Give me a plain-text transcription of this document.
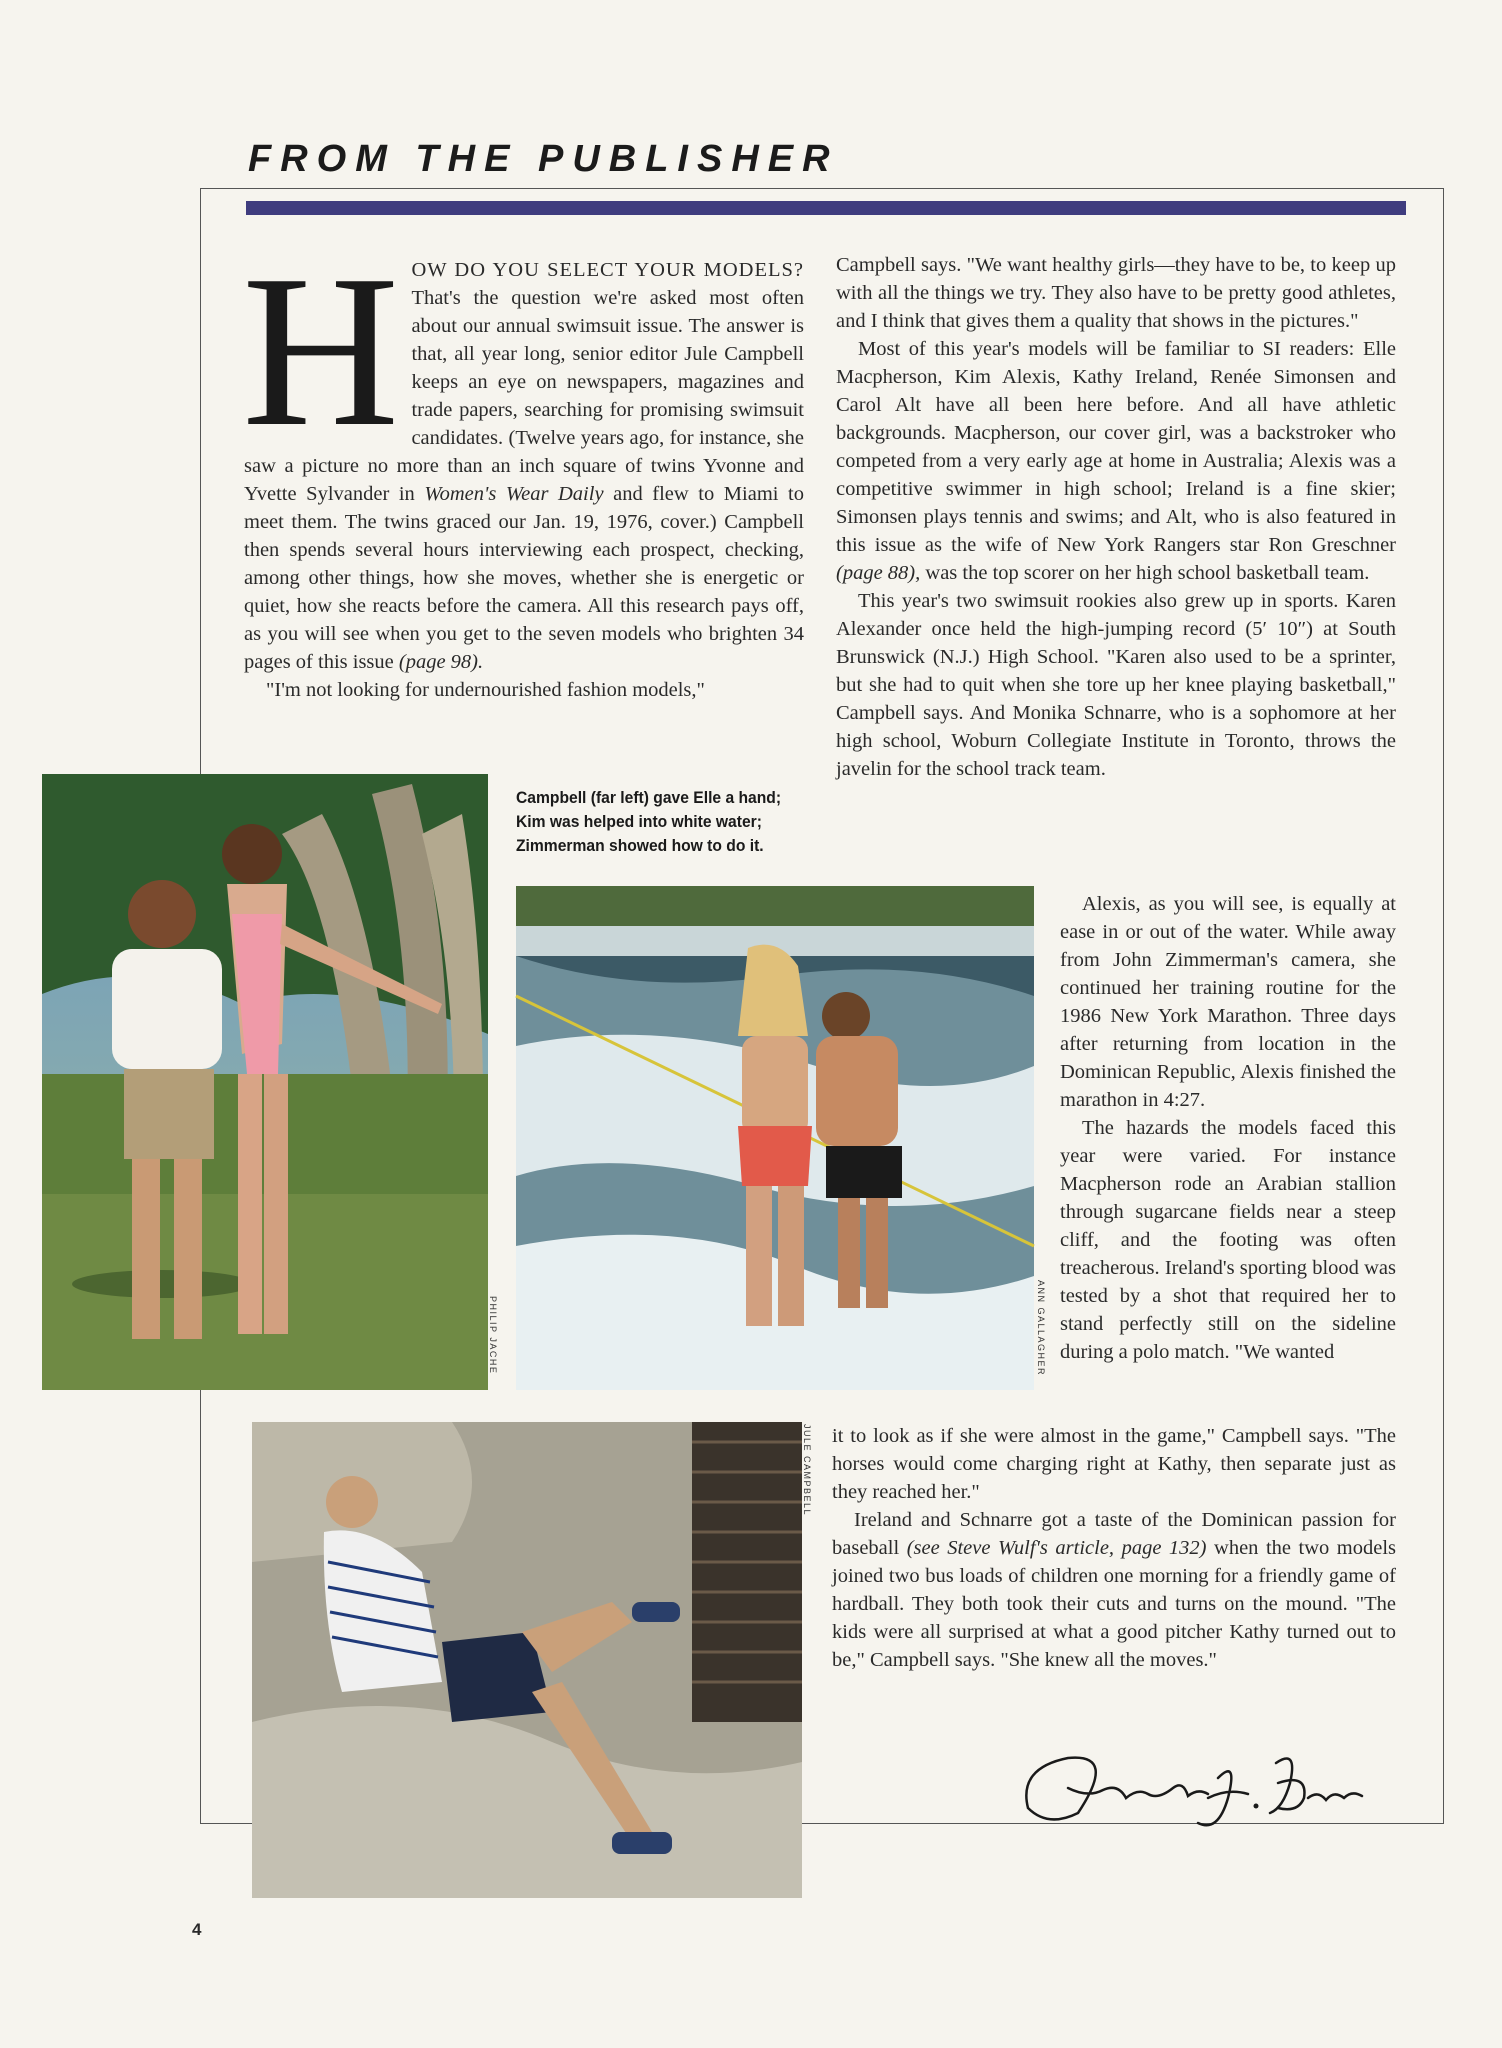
FROM THE PUBLISHER

HOW DO YOU SELECT YOUR MODELS? That's the question we're asked most often about our annual swimsuit issue. The answer is that, all year long, senior editor Jule Campbell keeps an eye on newspapers, magazines and trade papers, searching for promising swimsuit candidates. (Twelve years ago, for instance, she saw a picture no more than an inch square of twins Yvonne and Yvette Sylvander in Women's Wear Daily and flew to Miami to meet them. The twins graced our Jan. 19, 1976, cover.) Campbell then spends several hours interviewing each prospect, checking, among other things, how she moves, whether she is energetic or quiet, how she reacts before the camera. All this research pays off, as you will see when you get to the seven models who brighten 34 pages of this issue (page 98).

"I'm not looking for undernourished fashion models,"

Campbell says. "We want healthy girls—they have to be, to keep up with all the things we try. They also have to be pretty good athletes, and I think that gives them a quality that shows in the pictures."

Most of this year's models will be familiar to SI readers: Elle Macpherson, Kim Alexis, Kathy Ireland, Renée Simonsen and Carol Alt have all been here before. And all have athletic backgrounds. Macpherson, our cover girl, was a backstroker who competed from a very early age at home in Australia; Alexis was a competitive swimmer in high school; Ireland is a fine skier; Simonsen plays tennis and swims; and Alt, who is also featured in this issue as the wife of New York Rangers star Ron Greschner (page 88), was the top scorer on her high school basketball team.

This year's two swimsuit rookies also grew up in sports. Karen Alexander once held the high-jumping record (5′ 10″) at South Brunswick (N.J.) High School. "Karen also used to be a sprinter, but she had to quit when she tore up her knee playing basketball," Campbell says. And Monika Schnarre, who is a sophomore at her high school, Woburn Collegiate Institute in Toronto, throws the javelin for the school track team.

Alexis, as you will see, is equally at ease in or out of the water. While away from John Zimmerman's camera, she continued her training routine for the 1986 New York Marathon. Three days after returning from location in the Dominican Republic, Alexis finished the marathon in 4:27.

The hazards the models faced this year were varied. For instance Macpherson rode an Arabian stallion through sugarcane fields near a steep cliff, and the footing was often treacherous. Ireland's sporting blood was tested by a shot that required her to stand perfectly still on the sideline during a polo match. "We wanted

it to look as if she were almost in the game," Campbell says. "The horses would come charging right at Kathy, then separate just as they reached her."

Ireland and Schnarre got a taste of the Dominican passion for baseball (see Steve Wulf's article, page 132) when the two models joined two bus loads of children one morning for a friendly game of hardball. They both took their cuts and turns on the mound. "The kids were all surprised at what a good pitcher Kathy turned out to be," Campbell says. "She knew all the moves."

PHILIP JACHE
Campbell (far left) gave Elle a hand; Kim was helped into white water; Zimmerman showed how to do it.
ANN GALLAGHER
JULE CAMPBELL
4
